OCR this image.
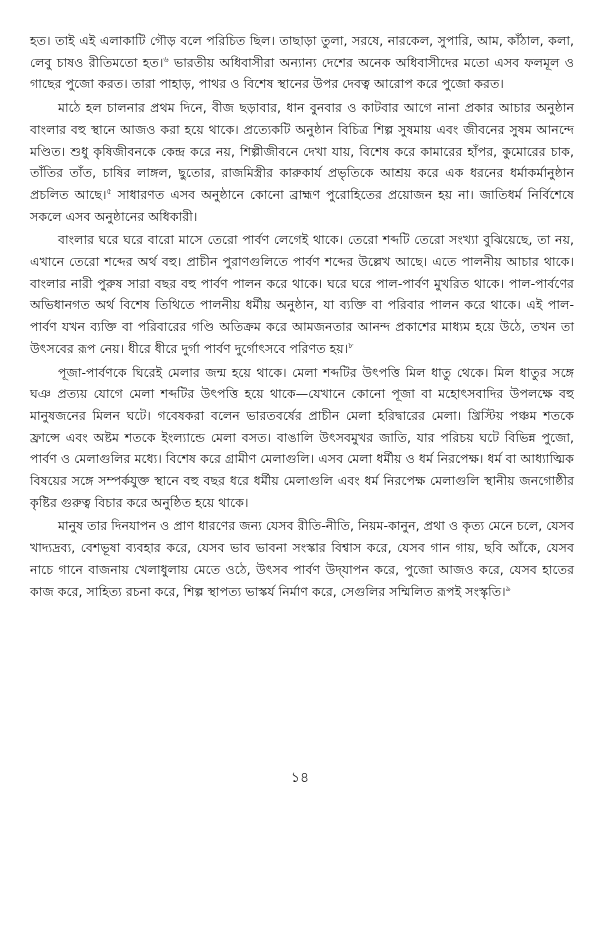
হত। তাই এই এলাকাটি গৌড় বলে পরিচিত ছিল। তাছাড়া তুলা, সরষে, নারকেল, সুপারি, আম, কাঁঠাল, কলা, লেবু চাষও রীতিমতো হত।$^৬$ ভারতীয় অধিবাসীরা অন্যান্য দেশের অনেক অধিবাসীদের মতো এসব ফলমূল ও গাছের পুজো করত। তারা পাহাড়, পাথর ও বিশেষ স্থানের উপর দেবত্ব আরোপ করে পুজো করত।

মাঠে হল চালনার প্রথম দিনে, বীজ ছড়াবার, ধান বুনবার ও কাটবার আগে নানা প্রকার আচার অনুষ্ঠান বাংলার বহু স্থানে আজও করা হয়ে থাকে। প্রত্যেকটি অনুষ্ঠান বিচিত্র শিল্প সুষমায় এবং জীবনের সুষম আনন্দে মণ্ডিত। শুধু কৃষিজীবনকে কেন্দ্র করে নয়, শিল্পীজীবনে দেখা যায়, বিশেষ করে কামারের হাঁপর, কুমোরের চাক, তাঁতির তাঁত, চাষির লাঙ্গল, ছুতোর, রাজমিস্ত্রীর কারুকার্য প্রভৃতিকে আশ্রয় করে এক ধরনের ধর্মাকর্মানুষ্ঠান প্রচলিত আছে।$^৫$ সাধারণত এসব অনুষ্ঠানে কোনো ব্রাহ্মণ পুরোহিতের প্রয়োজন হয় না। জাতিধর্ম নির্বিশেষে সকলে এসব অনুষ্ঠানের অধিকারী।

বাংলার ঘরে ঘরে বারো মাসে তেরো পার্বণ লেগেই থাকে। তেরো শব্দটি তেরো সংখ্যা বুঝিয়েছে, তা নয়, এখানে তেরো শব্দের অর্থ বহু। প্রাচীন পুরাণগুলিতে পার্বণ শব্দের উল্লেখ আছে। এতে পালনীয় আচার থাকে। বাংলার নারী পুরুষ সারা বছর বহু পার্বণ পালন করে থাকে। ঘরে ঘরে পাল-পার্বণ মুখরিত থাকে। পাল-পার্বণের অভিধানগত অর্থ বিশেষ তিথিতে পালনীয় ধর্মীয় অনুষ্ঠান, যা ব্যক্তি বা পরিবার পালন করে থাকে। এই পাল-পার্বণ যখন ব্যক্তি বা পরিবারের গণ্ডি অতিক্রম করে আমজনতার আনন্দ প্রকাশের মাধ্যম হয়ে উঠে, তখন তা উৎসবের রূপ নেয়। ধীরে ধীরে দুর্গা পার্বণ দুর্গোৎসবে পরিণত হয়।$^৮$

পূজা-পার্বণকে ঘিরেই মেলার জন্ম হয়ে থাকে। মেলা শব্দটির উৎপত্তি মিল ধাতু থেকে। মিল ধাতুর সঙ্গে ঘঞ প্রত্যয় যোগে মেলা শব্দটির উৎপত্তি হয়ে থাকে—যেখানে কোনো পূজা বা মহোৎসবাদির উপলক্ষে বহু মানুষজনের মিলন ঘটে। গবেষকরা বলেন ভারতবর্ষের প্রাচীন মেলা হরিদ্বারের মেলা। খ্রিস্টিয় পঞ্চম শতকে ফ্রান্সে এবং অষ্টম শতকে ইংল্যান্ডে মেলা বসত। বাঙালি উৎসবমুখর জাতি, যার পরিচয় ঘটে বিভিন্ন পুজো, পার্বণ ও মেলাগুলির মধ্যে। বিশেষ করে গ্রামীণ মেলাগুলি। এসব মেলা ধর্মীয় ও ধর্ম নিরপেক্ষ। ধর্ম বা আধ্যাত্মিক বিষয়ের সঙ্গে সম্পর্কযুক্ত স্থানে বহু বছর ধরে ধর্মীয় মেলাগুলি এবং ধর্ম নিরপেক্ষ মেলাগুলি স্থানীয় জনগোষ্ঠীর কৃষ্টির গুরুত্ব বিচার করে অনুষ্ঠিত হয়ে থাকে।

মানুষ তার দিনযাপন ও প্রাণ ধারণের জন্য যেসব রীতি-নীতি, নিয়ম-কানুন, প্রথা ও কৃত্য মেনে চলে, যেসব খাদ্যদ্রব্য, বেশভূষা ব্যবহার করে, যেসব ভাব ভাবনা সংস্কার বিশ্বাস করে, যেসব গান গায়, ছবি আঁকে, যেসব নাচে গানে বাজনায় খেলাধুলায় মেতে ওঠে, উৎসব পার্বণ উদ্‌যাপন করে, পুজো আজও করে, যেসব হাতের কাজ করে, সাহিত্য রচনা করে, শিল্প স্থাপত্য ভাস্কর্য নির্মাণ করে, সেগুলির সম্মিলিত রূপই সংস্কৃতি।$^৯$

১৪
